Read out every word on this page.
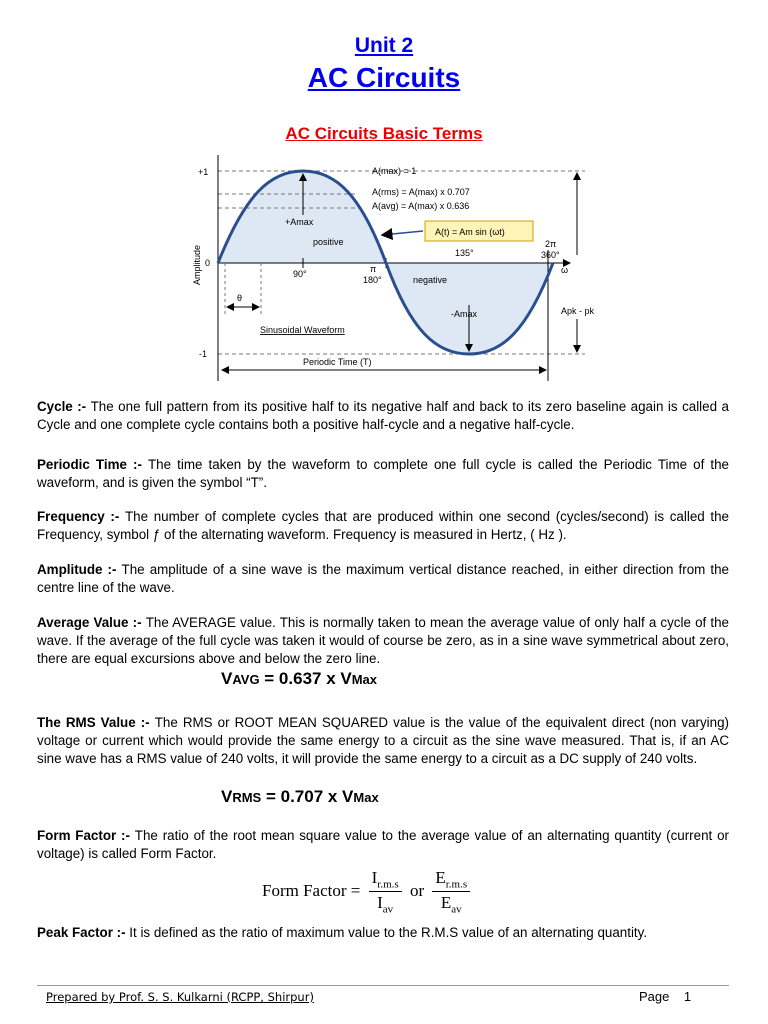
Unit 2
AC Circuits
AC Circuits Basic Terms
+1
0
-1
Amplitude
A(max) = 1
A(rms) = A(max) x 0.707
A(avg) = A(max) x 0.636
+Amax
positive
A(t) = Am sin (ωt)
90°	π
180°
135°
2π
360°
ω
negative
-Amax
θ
Sinusoidal Waveform
Periodic Time (T)
Apk - pk
Cycle :- The one full pattern from its positive half to its negative half and back to its zero baseline again is called a Cycle and one complete cycle contains both a positive half-cycle and a negative half-cycle.
Periodic Time :- The time taken by the waveform to complete one full cycle is called the Periodic Time of the waveform, and is given the symbol “T”.
Frequency :- The number of complete cycles that are produced within one second (cycles/second) is called the Frequency, symbol ƒ of the alternating waveform. Frequency is measured in Hertz, ( Hz ).
Amplitude :- The amplitude of a sine wave is the maximum vertical distance reached, in either direction from the centre line of the wave.
Average Value :- The AVERAGE value. This is normally taken to mean the average value of only half a cycle of the wave. If the average of the full cycle was taken it would of course be zero, as in a sine wave symmetrical about zero, there are equal excursions above and below the zero line.
VAVG = 0.637 x VMax
The RMS Value :- The RMS or ROOT MEAN SQUARED value is the value of the equivalent direct (non varying) voltage or current which would provide the same energy to a circuit as the sine wave measured. That is, if an AC sine wave has a RMS value of 240 volts, it will provide the same energy to a circuit as a DC supply of 240 volts.
VRMS = 0.707 x VMax
Form Factor :- The ratio of the root mean square value to the average value of an alternating quantity (current or voltage) is called Form Factor.
Form Factor = $\frac{I_{r.m.s}}{I_{av}}$ or $\frac{E_{r.m.s}}{E_{av}}$
Peak Factor :- It is defined as the ratio of maximum value to the R.M.S value of an alternating quantity.
Prepared by Prof. S. S. Kulkarni (RCPP, Shirpur)	Page 1
